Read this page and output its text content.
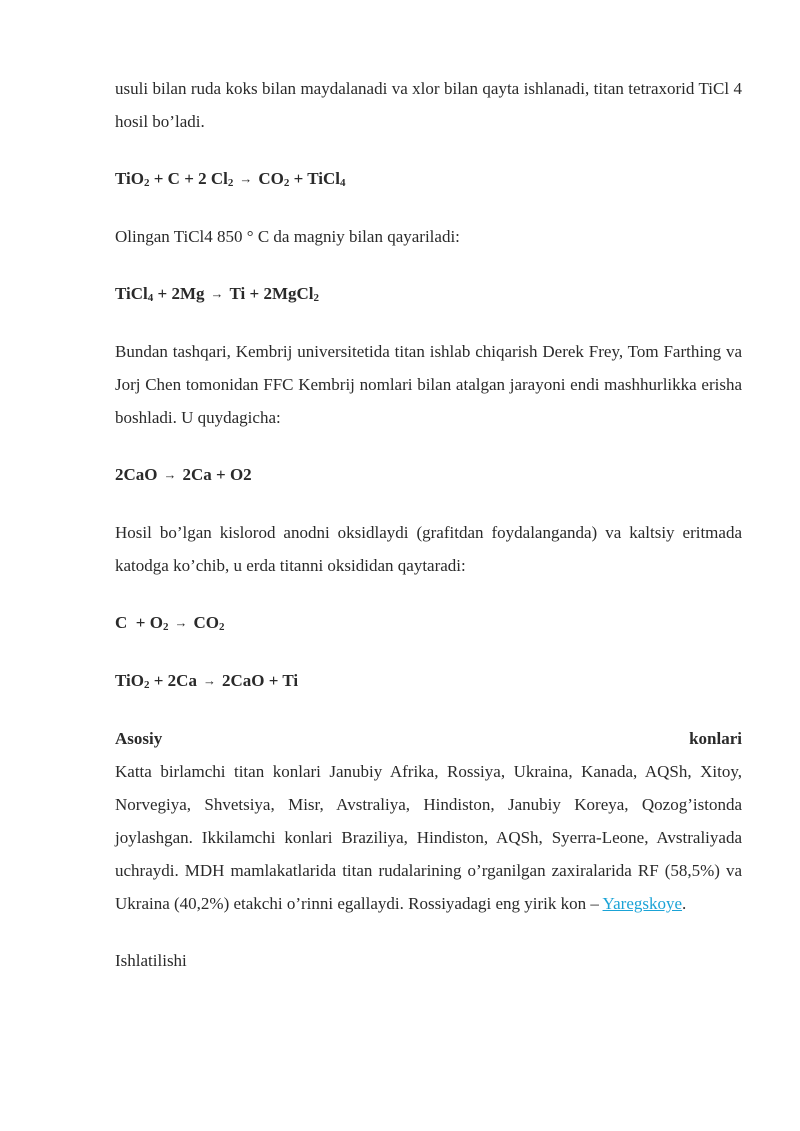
usuli bilan ruda koks bilan maydalanadi va xlor bilan qayta ishlanadi, titan tetraxorid TiCl 4 hosil bo’ladi.

TiO$_2$ + C + 2 $Cl_2 \to CO_2$ + TiCl$_4$

Olingan TiCl4 850 ° C da magniy bilan qayariladi:

TiCl$_4$ + 2Mg → Ti + 2MgCl$_2$

Bundan tashqari, Kembrij universitetida titan ishlab chiqarish Derek Frey, Tom Farthing va Jorj Chen tomonidan FFC Kembrij nomlari bilan atalgan jarayoni endi mashhurlikka erisha boshladi. U quydagicha:

2CaO → 2Ca + O2

Hosil bo’lgan kislorod anodni oksidlaydi (grafitdan foydalanganda) va kaltsiy eritmada katodga ko’chib, u erda titanni oksididan qaytaradi:

$C + O_2 \to CO_2$
TiO$_2$ + 2Ca → 2CaO + Ti
Asosiy	konlari

Katta birlamchi titan konlari Janubiy Afrika, Rossiya, Ukraina, Kanada, AQSh, Xitoy, Norvegiya, Shvetsiya, Misr, Avstraliya, Hindiston, Janubiy Koreya, Qozog’istonda joylashgan. Ikkilamchi konlari Braziliya, Hindiston, AQSh, Syerra-Leone, Avstraliyada uchraydi. MDH mamlakatlarida titan rudalarining o’rganilgan zaxiralarida RF (58,5%) va Ukraina (40,2%) etakchi o’rinni egallaydi. Rossiyadagi eng yirik kon – Yaregskoye.

Ishlatilishi
